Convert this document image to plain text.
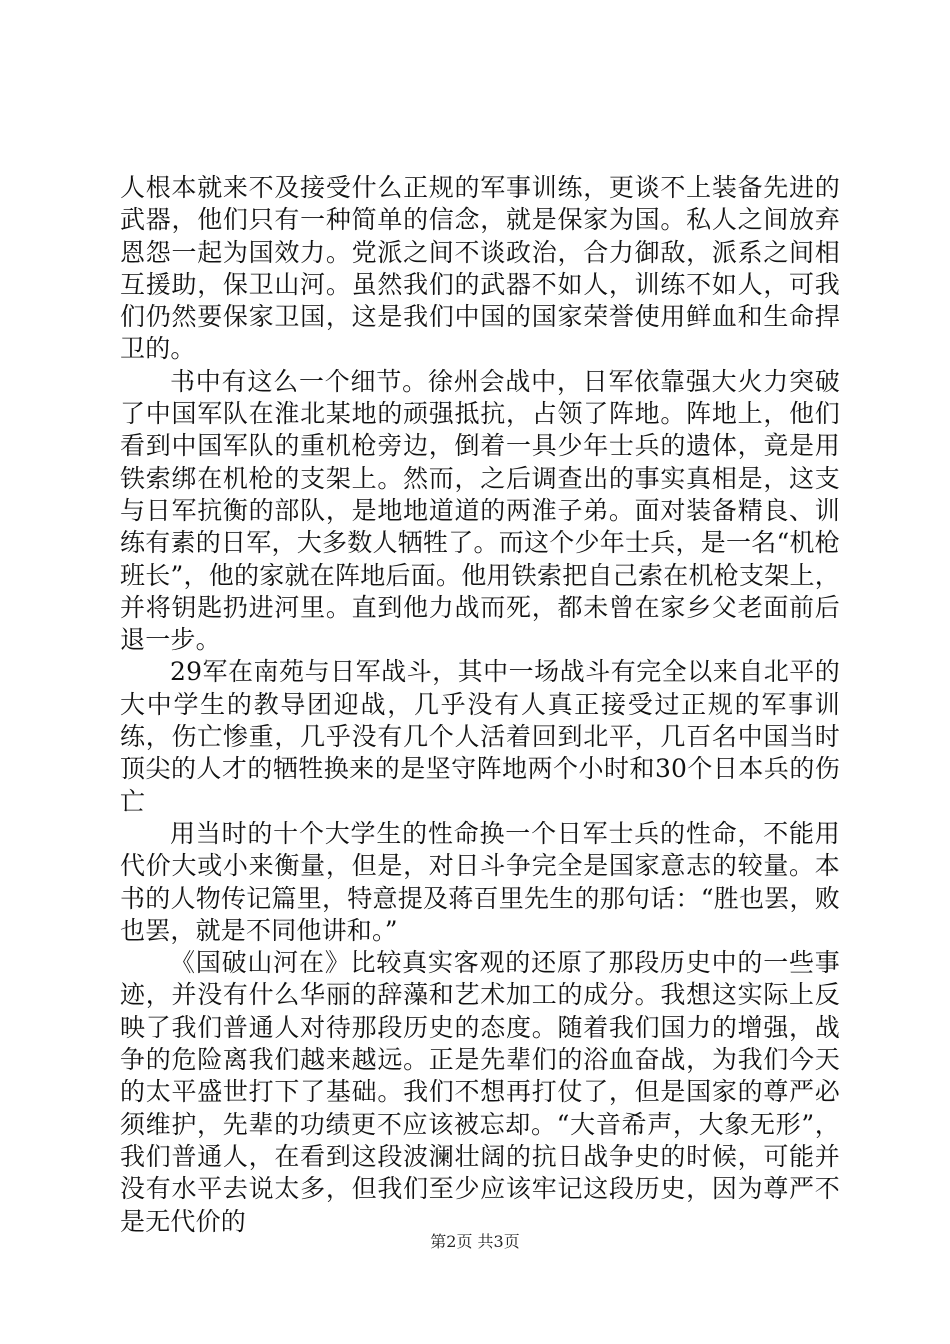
人根本就来不及接受什么正规的军事训练，更谈不上装备先进的武器，他们只有一种简单的信念，就是保家为国。私人之间放弃恩怨一起为国效力。党派之间不谈政治，合力御敌，派系之间相互援助，保卫山河。虽然我们的武器不如人，训练不如人，可我们仍然要保家卫国，这是我们中国的国家荣誉使用鲜血和生命捍卫的。

书中有这么一个细节。徐州会战中，日军依靠强大火力突破了中国军队在淮北某地的顽强抵抗，占领了阵地。阵地上，他们看到中国军队的重机枪旁边，倒着一具少年士兵的遗体，竟是用铁索绑在机枪的支架上。然而，之后调查出的事实真相是，这支与日军抗衡的部队，是地地道道的两淮子弟。面对装备精良、训练有素的日军，大多数人牺牲了。而这个少年士兵，是一名“机枪班长”，他的家就在阵地后面。他用铁索把自己索在机枪支架上，并将钥匙扔进河里。直到他力战而死，都未曾在家乡父老面前后退一步。

29军在南苑与日军战斗，其中一场战斗有完全以来自北平的大中学生的教导团迎战，几乎没有人真正接受过正规的军事训练，伤亡惨重，几乎没有几个人活着回到北平，几百名中国当时顶尖的人才的牺牲换来的是坚守阵地两个小时和30个日本兵的伤亡

用当时的十个大学生的性命换一个日军士兵的性命，不能用代价大或小来衡量，但是，对日斗争完全是国家意志的较量。本书的人物传记篇里，特意提及蒋百里先生的那句话：“胜也罢，败也罢，就是不同他讲和。”

《国破山河在》比较真实客观的还原了那段历史中的一些事迹，并没有什么华丽的辞藻和艺术加工的成分。我想这实际上反映了我们普通人对待那段历史的态度。随着我们国力的增强，战争的危险离我们越来越远。正是先辈们的浴血奋战，为我们今天的太平盛世打下了基础。我们不想再打仗了，但是国家的尊严必须维护，先辈的功绩更不应该被忘却。“大音希声，大象无形”，我们普通人，在看到这段波澜壮阔的抗日战争史的时候，可能并没有水平去说太多，但我们至少应该牢记这段历史，因为尊严不是无代价的

第2页 共3页
